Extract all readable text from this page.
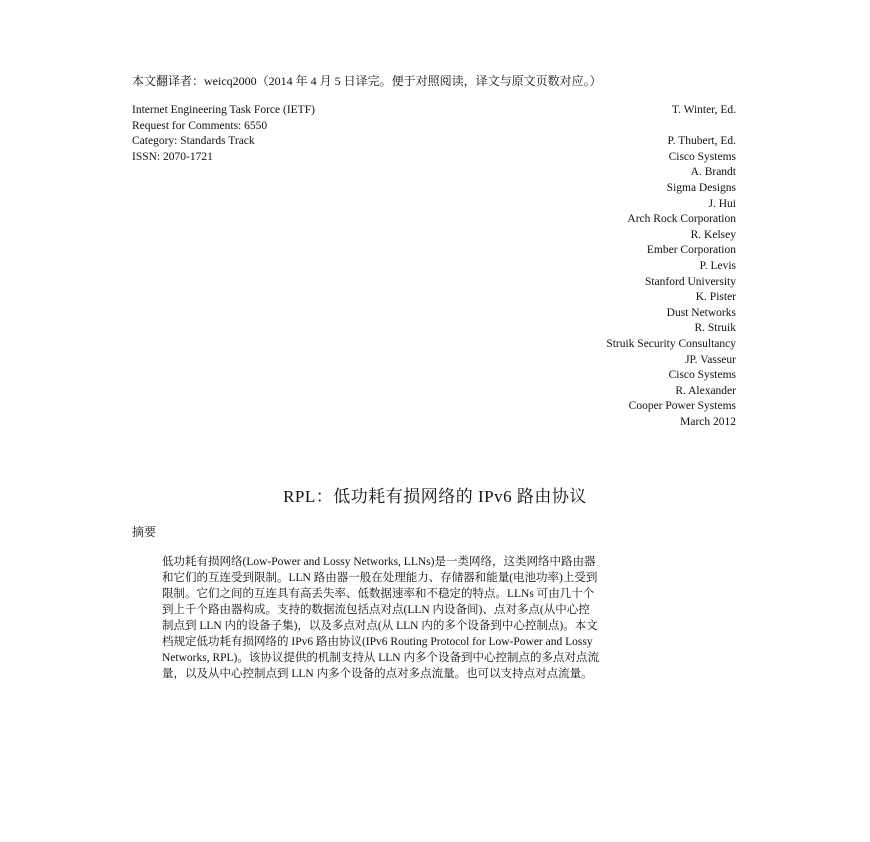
本文翻译者：weicq2000（2014 年 4 月 5 日译完。便于对照阅读，译文与原文页数对应。）
Internet Engineering Task Force (IETF)
Request for Comments: 6550
Category: Standards Track
ISSN: 2070-1721
T. Winter, Ed.
P. Thubert, Ed.
Cisco Systems
A. Brandt
Sigma Designs
J. Hui
Arch Rock Corporation
R. Kelsey
Ember Corporation
P. Levis
Stanford University
K. Pister
Dust Networks
R. Struik
Struik Security Consultancy
JP. Vasseur
Cisco Systems
R. Alexander
Cooper Power Systems
March 2012
RPL：低功耗有损网络的 IPv6 路由协议
摘要
低功耗有损网络(Low-Power and Lossy Networks, LLNs)是一类网络，这类网络中路由器
和它们的互连受到限制。LLN 路由器一般在处理能力、存储器和能量(电池功率)上受到
限制。它们之间的互连具有高丢失率、低数据速率和不稳定的特点。LLNs 可由几十个
到上千个路由器构成。支持的数据流包括点对点(LLN 内设备间)、点对多点(从中心控
制点到 LLN 内的设备子集)，以及多点对点(从 LLN 内的多个设备到中心控制点)。本文
档规定低功耗有损网络的 IPv6 路由协议(IPv6 Routing Protocol for Low-Power and Lossy
Networks, RPL)。该协议提供的机制支持从 LLN 内多个设备到中心控制点的多点对点流
量，以及从中心控制点到 LLN 内多个设备的点对多点流量。也可以支持点对点流量。
